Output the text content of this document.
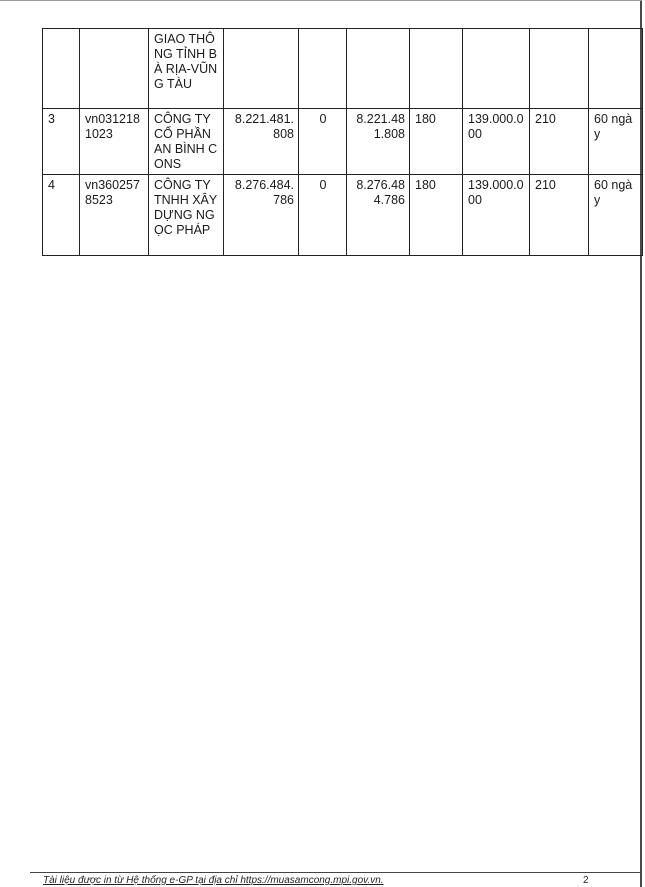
		GIAO THÔNG TỈNH BÀ RỊA-VŨNG TÀU							
3	vn0312181023	CÔNG TY CỔ PHẦN AN BÌNH CONS	8.221.481.808	0	8.221.481.808	180	139.000.000	210	60 ngày
4	vn3602578523	CÔNG TY TNHH XÂY DỰNG NGỌC PHÁP	8.276.484.786	0	8.276.484.786	180	139.000.000	210	60 ngày
Tài liệu được in từ Hệ thống e-GP tại địa chỉ https://muasamcong.mpi.gov.vn.	2
